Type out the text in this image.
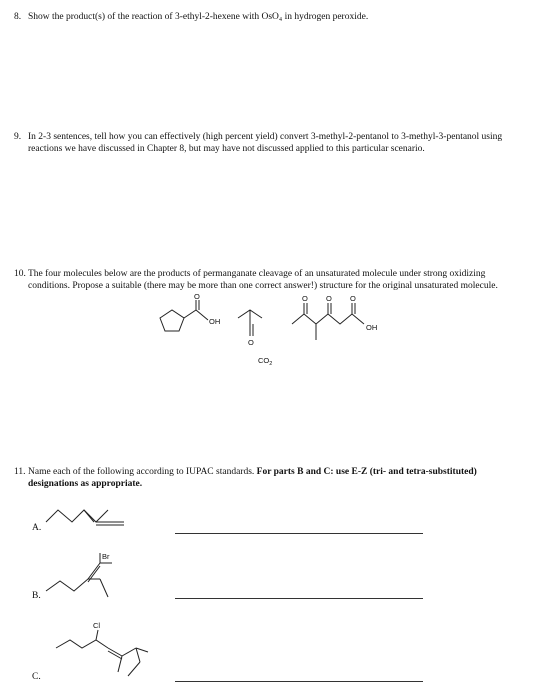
8. Show the product(s) of the reaction of 3-ethyl-2-hexene with OsO₄ in hydrogen peroxide.
9. In 2-3 sentences, tell how you can effectively (high percent yield) convert 3-methyl-2-pentanol to 3-methyl-3-pentanol using reactions we have discussed in Chapter 8, but may have not discussed applied to this particular scenario.
10. The four molecules below are the products of permanganate cleavage of an unsaturated molecule under strong oxidizing conditions. Propose a suitable (there may be more than one correct answer!) structure for the original unsaturated molecule.
O
OH
O
O O O
OH
$CO_2$
11. Name each of the following according to IUPAC standards. For parts B and C: use E-Z (tri- and tetra-substituted) designations as appropriate.
A.
B.
Br
C.
Cl
